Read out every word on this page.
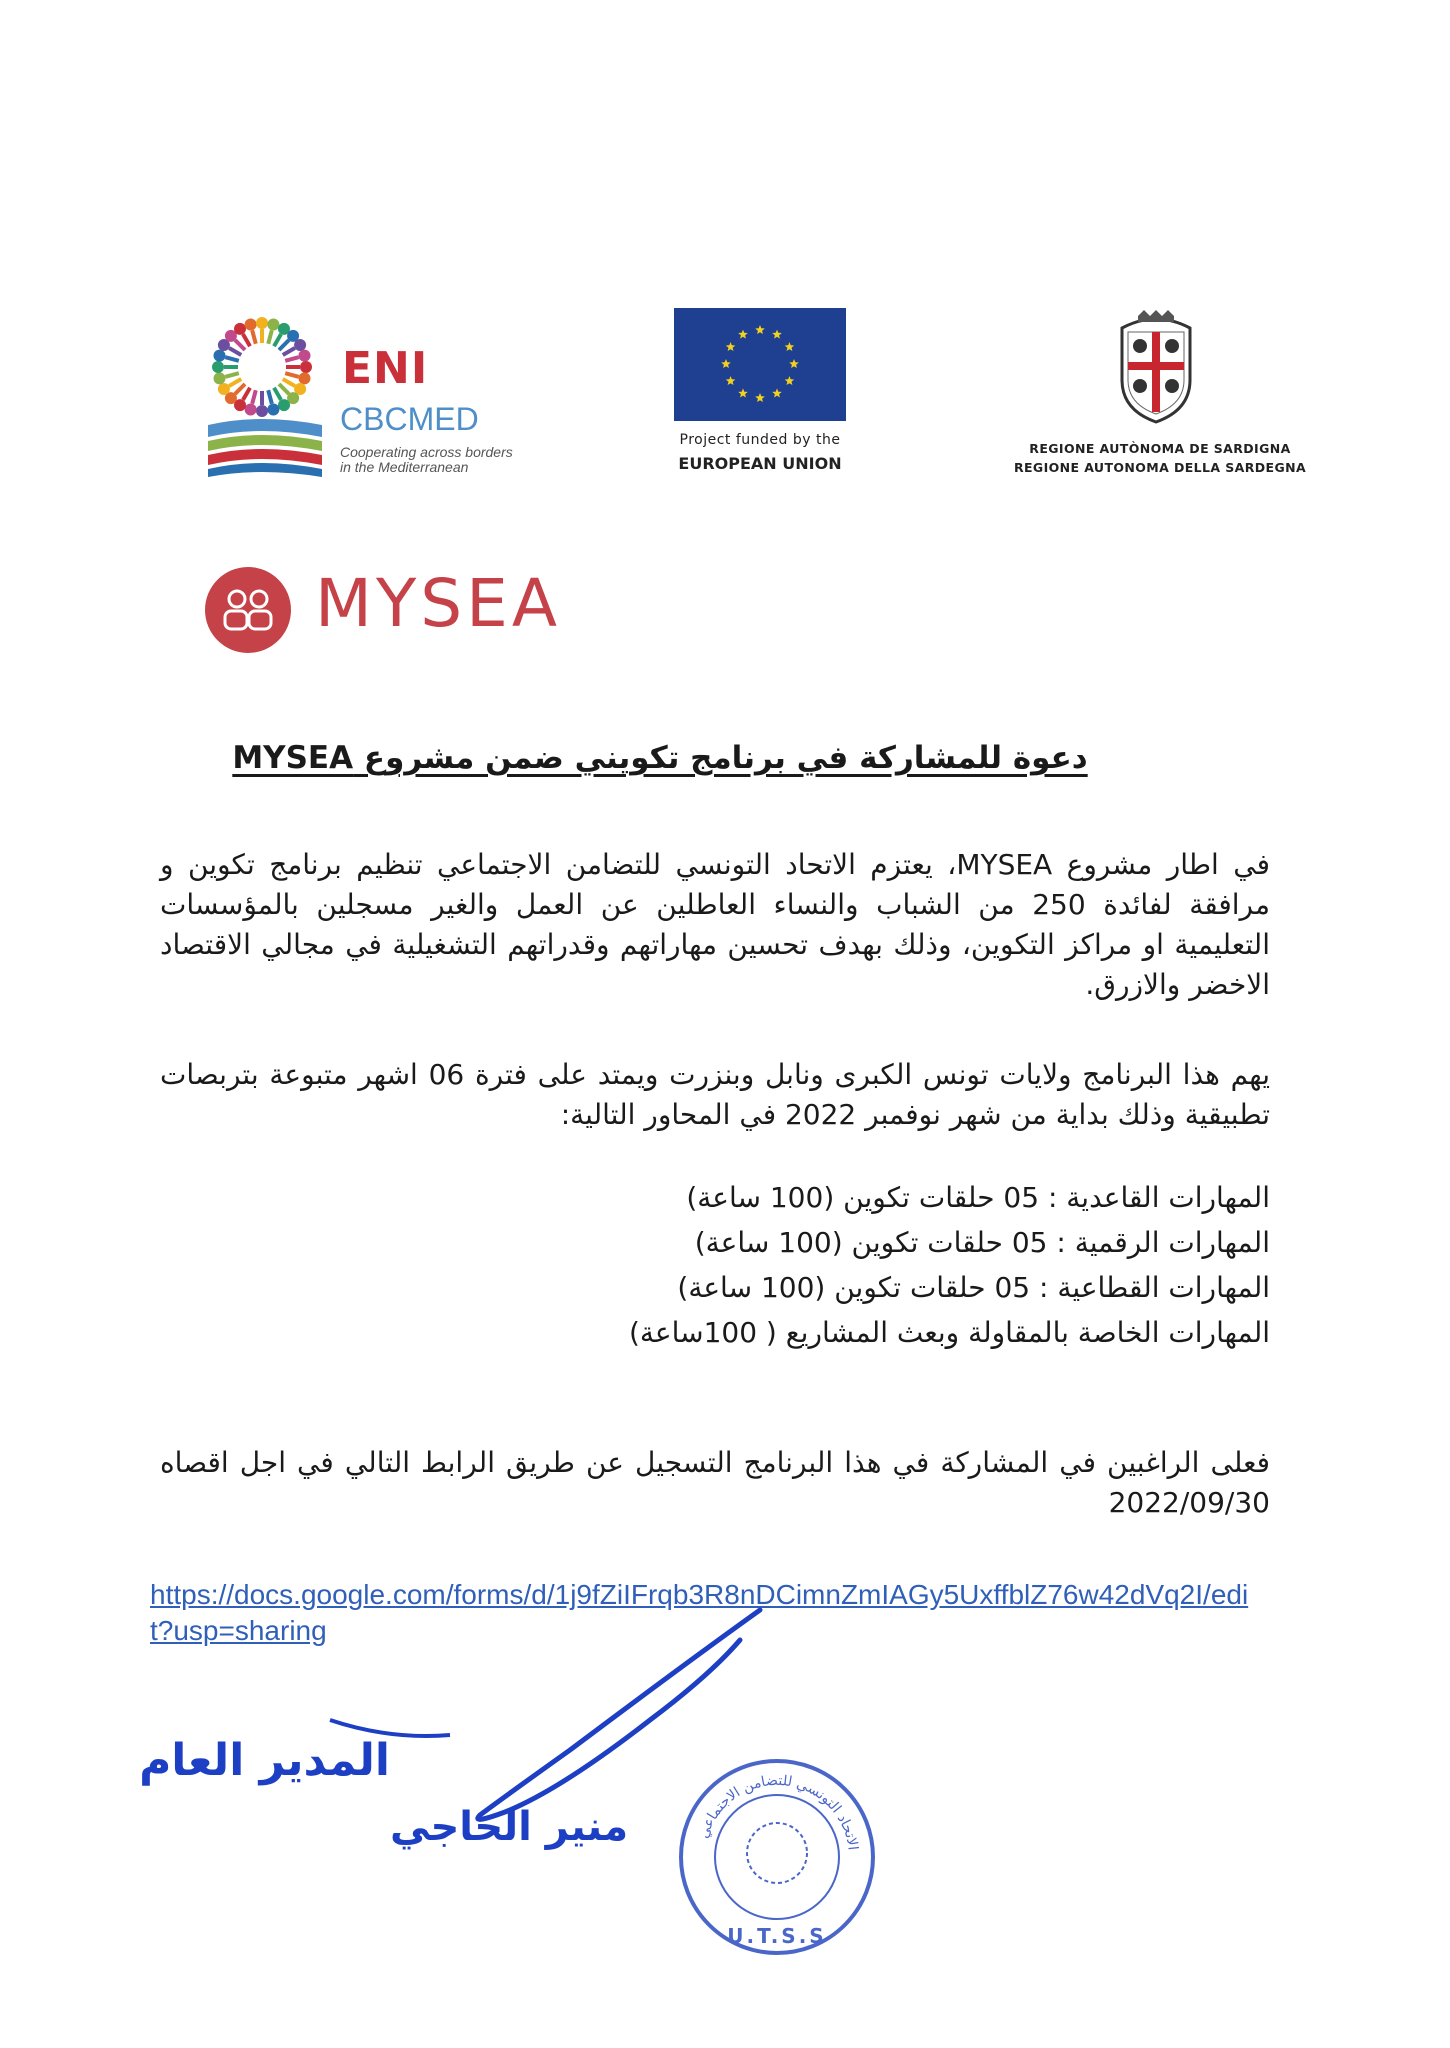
ENI
CBCMED
Cooperating across borders
in the Mediterranean
Project funded by the
EUROPEAN UNION
REGIONE AUTÒNOMA DE SARDIGNA
REGIONE AUTONOMA DELLA SARDEGNA
MYSEA
دعوة للمشاركة في برنامج تكويني ضمن مشروع MYSEA
في اطار مشروع MYSEA، يعتزم الاتحاد التونسي للتضامن الاجتماعي تنظيم برنامج تكوين و مرافقة لفائدة 250 من الشباب والنساء العاطلين عن العمل والغير مسجلين بالمؤسسات التعليمية او مراكز التكوين، وذلك بهدف تحسين مهاراتهم وقدراتهم التشغيلية في مجالي الاقتصاد الاخضر والازرق.
يهم هذا البرنامج ولايات تونس الكبرى ونابل وبنزرت ويمتد على فترة 06 اشهر متبوعة بتربصات تطبيقية وذلك بداية من شهر نوفمبر 2022 في المحاور التالية:
المهارات القاعدية : 05 حلقات تكوين (100 ساعة)
المهارات الرقمية : 05 حلقات تكوين (100 ساعة)
المهارات القطاعية : 05 حلقات تكوين (100 ساعة)
المهارات الخاصة بالمقاولة وبعث المشاريع ( 100ساعة)
فعلى الراغبين في المشاركة في هذا البرنامج التسجيل عن طريق الرابط التالي في اجل اقصاه 2022/09/30
https://docs.google.com/forms/d/1j9fZiIFrqb3R8nDCimnZmIAGy5UxffblZ76w42dVq2I/edit?usp=sharing
المدير العام
منير الحاجي	الاتحاد التونسي للتضامن الاجتماعي
U.T.S.S
